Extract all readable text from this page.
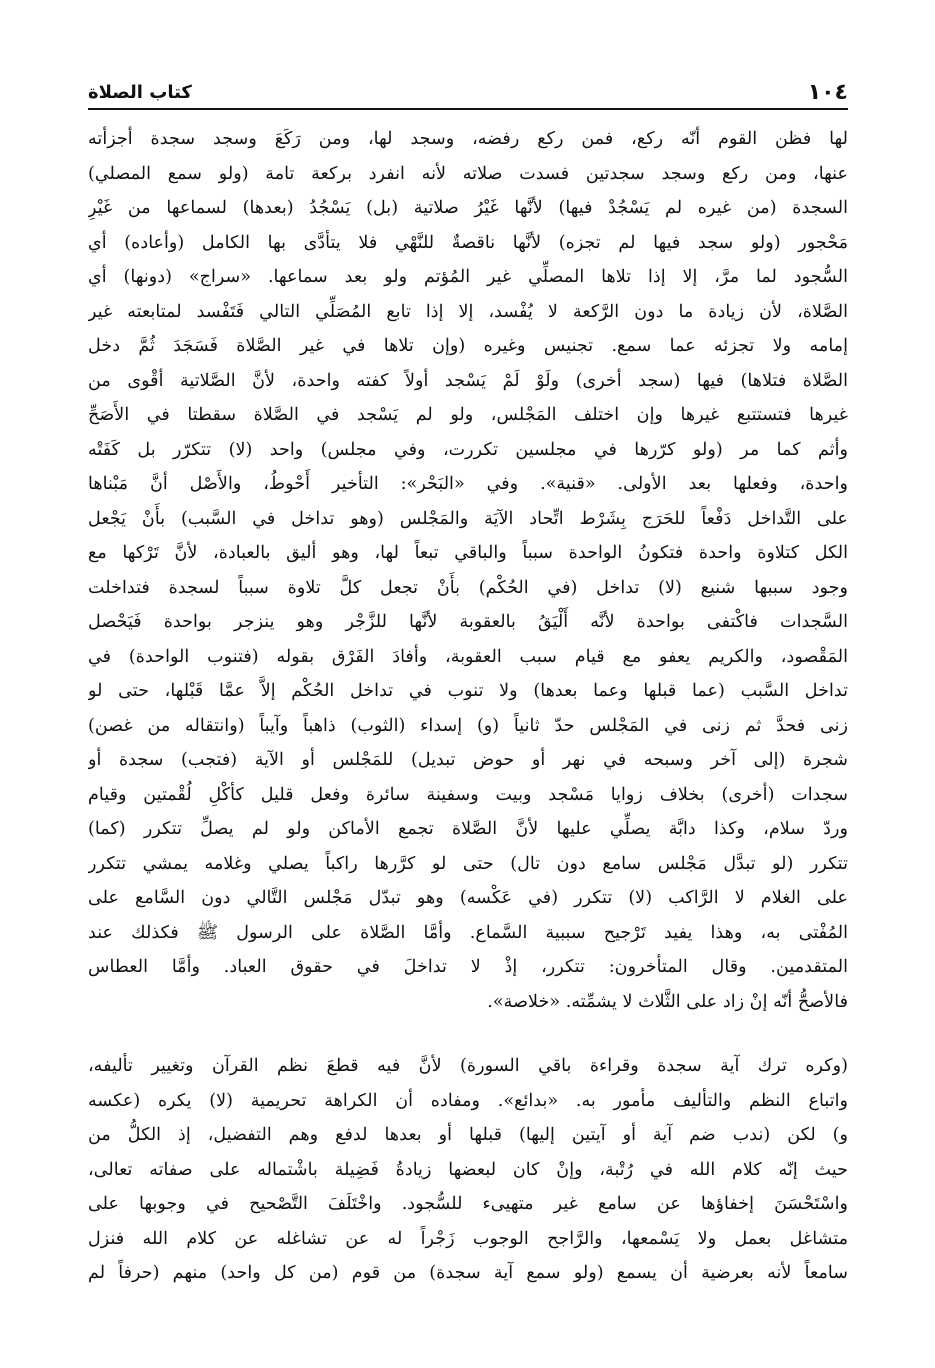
١٠٤
كتاب الصلاة
لها فظن القوم أنّه ركع، فمن ركع رفضه، وسجد لها، ومن رَكَعَ وسجد سجدة أجزأته
عنها، ومن ركع وسجد سجدتين فسدت صلاته لأنه انفرد بركعة تامة (ولو سمع المصلي)
السجدة (من غيره لم يَسْجُدْ فيها) لأنَّها غَيْرُ صلاتية (بل) يَسْجُدُ (بعدها) لسماعها من غَيْرِ
مَحْجور (ولو سجد فيها لم تجزه) لأنَّها ناقصةٌ للنَّهْي فلا يتأدَّى بها الكامل (وأعاده) أي
السُّجود لما مرَّ، إلا إذا تلاها المصلِّي غير المُؤتم ولو بعد سماعها. «سراج» (دونها) أي
الصَّلاة، لأن زيادة ما دون الرَّكعة لا يُفْسد، إلا إذا تابع المُصَلِّي التالي فَتَفْسد لمتابعته غير
إمامه ولا تجزئه عما سمع. تجنيس وغيره (وإن تلاها في غير الصَّلاة فَسَجَدَ ثُمَّ دخل
الصَّلاة فتلاها) فيها (سجد أخرى) ولَوْ لَمْ يَسْجد أولاً كفته واحدة، لأنَّ الصَّلاتية أقْوى من
غيرها فتستتبع غيرها وإن اختلف المَجْلس، ولو لم يَسْجد في الصَّلاة سقطتا في الأَصَحِّ
وأثم كما مر (ولو كرّرها في مجلسين تكررت، وفي مجلس) واحد (لا) تتكرّر بل كَفَتْه
واحدة، وفعلها بعد الأولى. «قنية». وفي «البَحْر»: التأخير أَحْوطُ، والأَصْل أنَّ مَبْناها
على التَّداخل دَفْعاً للحَرَج بِشَرْط اتِّحاد الآيَة والمَجْلس (وهو تداخل في السَّبب) بأَنْ يَجْعل
الكل كتلاوة واحدة فتكونُ الواحدة سبباً والباقي تبعاً لها، وهو أليق بالعبادة، لأنَّ تَرْكها مع
وجود سببها شنيع (لا) تداخل (في الحُكْم) بأَنْ تجعل كلَّ تلاوة سبباً لسجدة فتداخلت
السَّجدات فاكْتفى بواحدة لأنَّه أَلْيَقُ بالعقوبة لأنَّها للزَّجْر وهو ينزجر بواحدة فَيَحْصل
المَقْصود، والكريم يعفو مع قيام سبب العقوبة، وأفادَ الفَرْق بقوله (فتنوب الواحدة) في
تداخل السَّبب (عما قبلها وعما بعدها) ولا تنوب في تداخل الحُكْم إلاَّ عمَّا قَبْلها، حتى لو
زنى فحدَّ ثم زنى في المَجْلس حدّ ثانياً (و) إسداء (الثوب) ذاهباً وآيباً (وانتقاله من غصن)
شجرة (إلى آخر وسبحه في نهر أو حوض تبديل) للمَجْلس أو الآية (فتجب) سجدة أو
سجدات (أخرى) بخلاف زوايا مَسْجد وبيت وسفينة سائرة وفعل قليل كأكْلِ لُقْمتين وقيام
وردّ سلام، وكذا دابَّة يصلِّي عليها لأنَّ الصَّلاة تجمع الأماكن ولو لم يصلِّ تتكرر (كما)
تتكرر (لو تبدَّل مَجْلس سامع دون تال) حتى لو كرَّرها راكباً يصلي وغلامه يمشي تتكرر
على الغلام لا الرَّاكب (لا) تتكرر (في عَكْسه) وهو تبدّل مَجْلس التَّالي دون السَّامع على
المُفْتى به، وهذا يفيد تَرْجيح سببية السَّماع. وأمَّا الصَّلاة على الرسول ﷺ فكذلك عند
المتقدمين. وقال المتأخرون: تتكرر، إذْ لا تداخلَ في حقوق العباد. وأمَّا العطاس
فالأصحُّ أنّه إنْ زاد على الثَّلاث لا يشمِّته. «خلاصة».
(وكره ترك آية سجدة وقراءة باقي السورة) لأنَّ فيه قطعَ نظم القرآن وتغيير تأليفه،
واتباع النظم والتأليف مأمور به. «بدائع». ومفاده أن الكراهة تحريمية (لا) يكره (عكسه
و) لكن (ندب ضم آية أو آيتين إليها) قبلها أو بعدها لدفع وهم التفضيل، إذ الكلُّ من
حيث إنّه كلام الله في رُتْبة، وإنْ كان لبعضها زيادةُ فَضِيلة باشْتماله على صفاته تعالى،
واسْتَحْسَنَ إخفاؤها عن سامع غير متهيىء للسُّجود. واخْتَلَفَ التَّصْحيح في وجوبها على
متشاغل بعمل ولا يَسْمعها، والرَّاجح الوجوب زَجْراً له عن تشاغله عن كلام الله فنزل
سامعاً لأنه بعرضية أن يسمع (ولو سمع آية سجدة) من قوم (من كل واحد) منهم (حرفاً لم
